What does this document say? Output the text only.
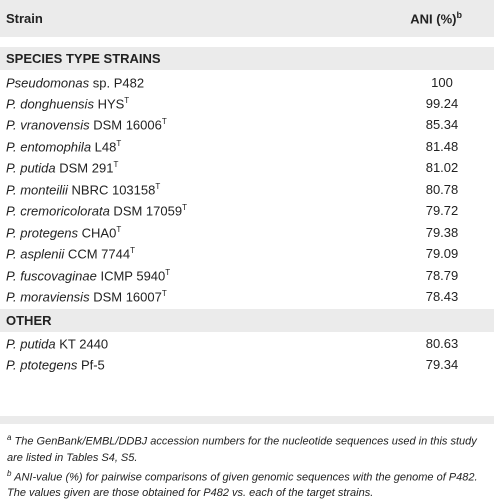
Strain	ANI (%)$^b$

SPECIES TYPE STRAINS	
Pseudomonas sp. P482	100
P. donghuensis $HYS^T$	99.24
P. vranovensis DSM $16006^T$	85.34
P. entomophila $L48^T$	81.48
P. putida DSM $291^T$	81.02
P. monteilii NBRC $103158^T$	80.78
P. cremoricolorata DSM $17059^T$	79.72
P. protegens $CHA0^T$	79.38
P. asplenii CCM $7744^T$	79.09
P. fuscovaginae ICMP $5940^T$	78.79
P. moraviensis DSM $16007^T$	78.43
OTHER	
P. putida KT 2440	80.63
P. ptotegens Pf-5	79.34

$^a$ The GenBank/EMBL/DDBJ accession numbers for the nucleotide sequences used in this study are listed in Tables S4, S5.

$^b$ ANI-value (%) for pairwise comparisons of given genomic sequences with the genome of P482. The values given are those obtained for P482 vs. each of the target strains.
